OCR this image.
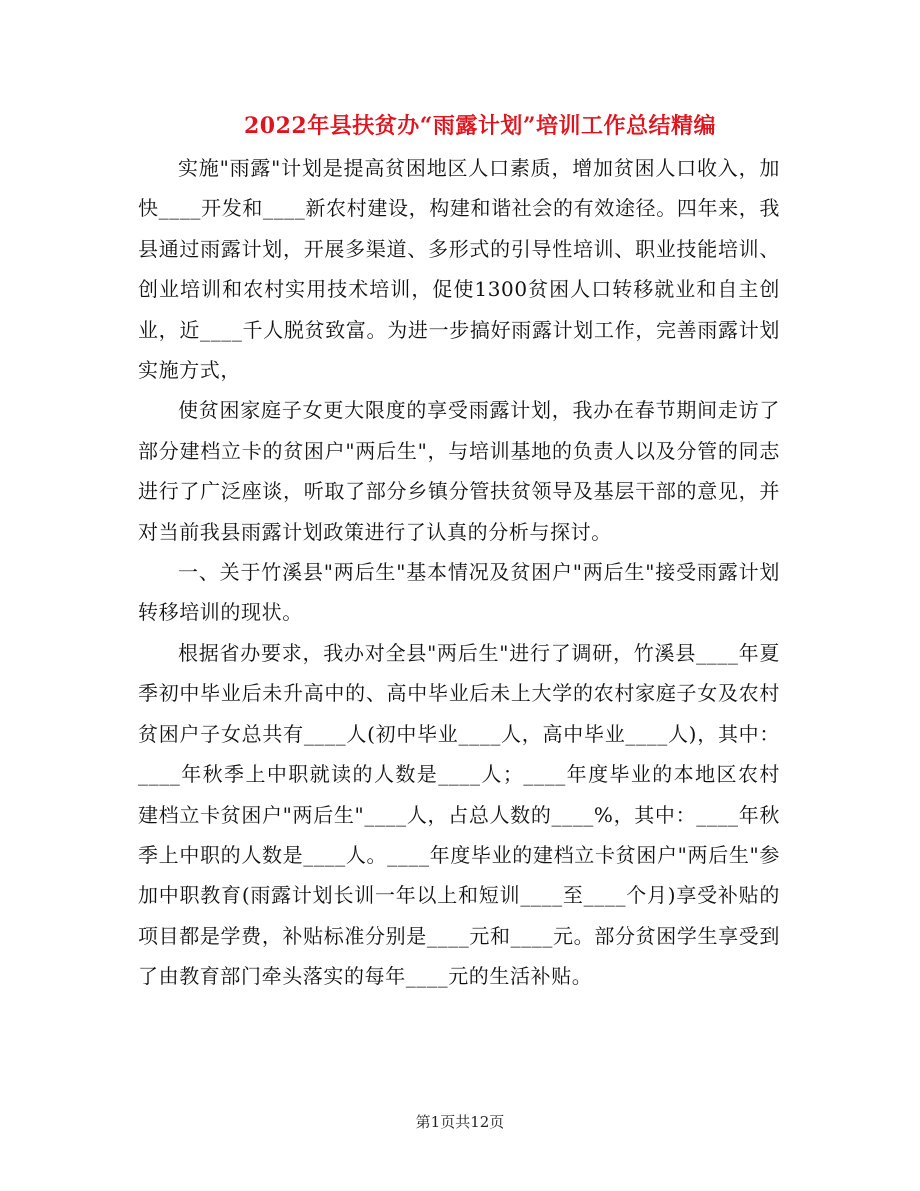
2022年县扶贫办“雨露计划”培训工作总结精编

实施"雨露"计划是提高贫困地区人口素质，增加贫困人口收入，加快____开发和____新农村建设，构建和谐社会的有效途径。四年来，我县通过雨露计划，开展多渠道、多形式的引导性培训、职业技能培训、创业培训和农村实用技术培训，促使1300贫困人口转移就业和自主创业，近____千人脱贫致富。为进一步搞好雨露计划工作，完善雨露计划实施方式，

使贫困家庭子女更大限度的享受雨露计划，我办在春节期间走访了部分建档立卡的贫困户"两后生"，与培训基地的负责人以及分管的同志进行了广泛座谈，听取了部分乡镇分管扶贫领导及基层干部的意见，并对当前我县雨露计划政策进行了认真的分析与探讨。

一、关于竹溪县"两后生"基本情况及贫困户"两后生"接受雨露计划转移培训的现状。

根据省办要求，我办对全县"两后生"进行了调研，竹溪县____年夏季初中毕业后未升高中的、高中毕业后未上大学的农村家庭子女及农村贫困户子女总共有____人(初中毕业____人，高中毕业____人)，其中：____年秋季上中职就读的人数是____人；____年度毕业的本地区农村建档立卡贫困户"两后生"____人，占总人数的____%，其中：____年秋季上中职的人数是____人。____年度毕业的建档立卡贫困户"两后生"参加中职教育(雨露计划长训一年以上和短训____至____个月)享受补贴的项目都是学费，补贴标准分别是____元和____元。部分贫困学生享受到了由教育部门牵头落实的每年____元的生活补贴。

第1页共12页
